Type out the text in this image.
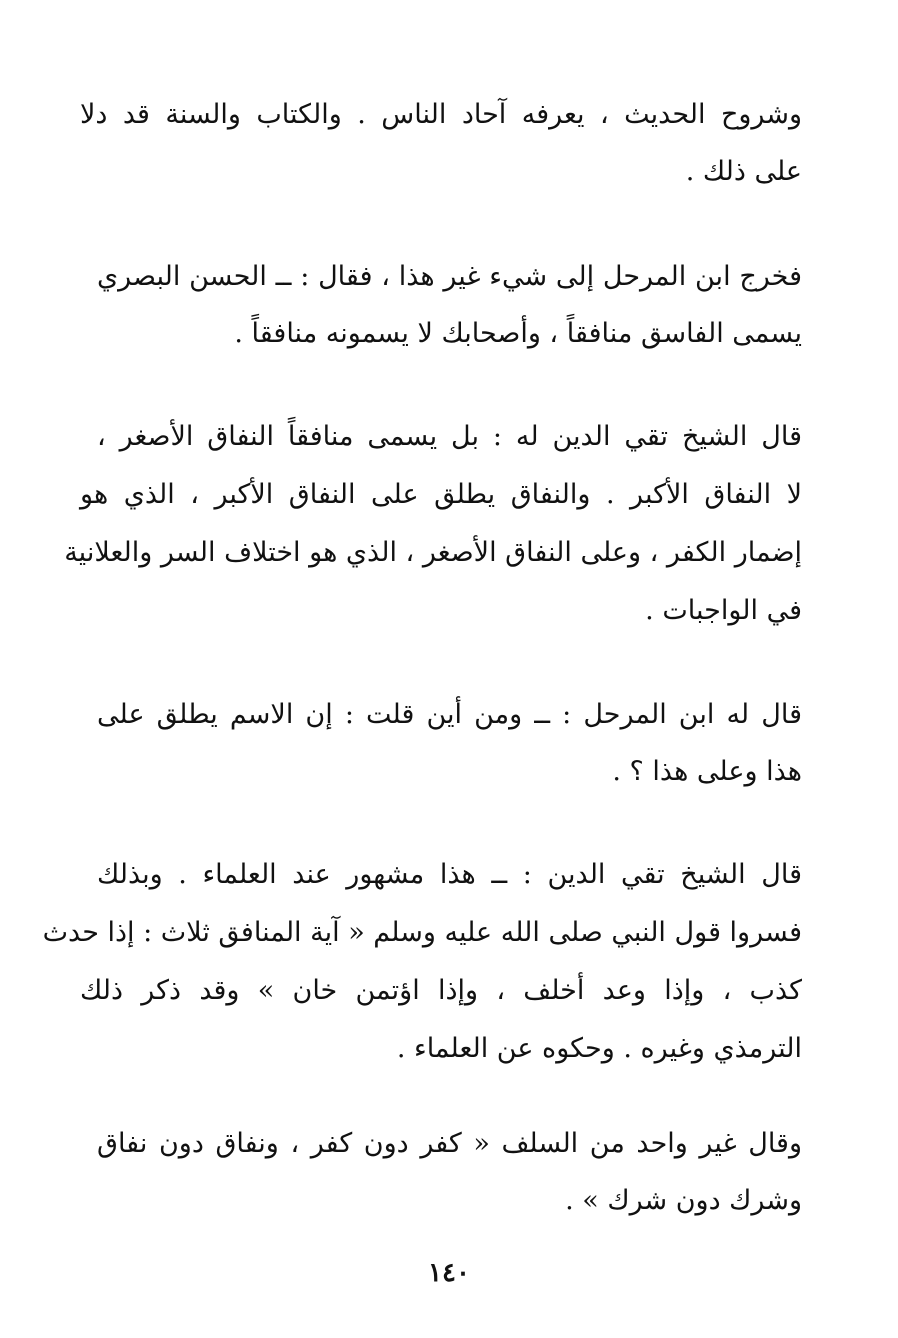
وشروح الحديث ، يعرفه آحاد الناس . والكتاب والسنة قد دلا
على ذلك .
فخرج ابن المرحل إلى شيء غير هذا ، فقال : ــ الحسن البصري
يسمى الفاسق منافقاً ، وأصحابك لا يسمونه منافقاً .
قال الشيخ تقي الدين له : بل يسمى منافقاً النفاق الأصغر ،
لا النفاق الأكبر . والنفاق يطلق على النفاق الأكبر ، الذي هو
إضمار الكفر ، وعلى النفاق الأصغر ، الذي هو اختلاف السر والعلانية
في الواجبات .
قال له ابن المرحل : ــ ومن أين قلت : إن الاسم يطلق على
هذا وعلى هذا ؟ .
قال الشيخ تقي الدين : ــ هذا مشهور عند العلماء . وبذلك
فسروا قول النبي صلى الله عليه وسلم « آية المنافق ثلاث : إذا حدث
كذب ، وإذا وعد أخلف ، وإذا اؤتمن خان » وقد ذكر ذلك
الترمذي وغيره . وحكوه عن العلماء .
وقال غير واحد من السلف « كفر دون كفر ، ونفاق دون نفاق
وشرك دون شرك » .
١٤٠
